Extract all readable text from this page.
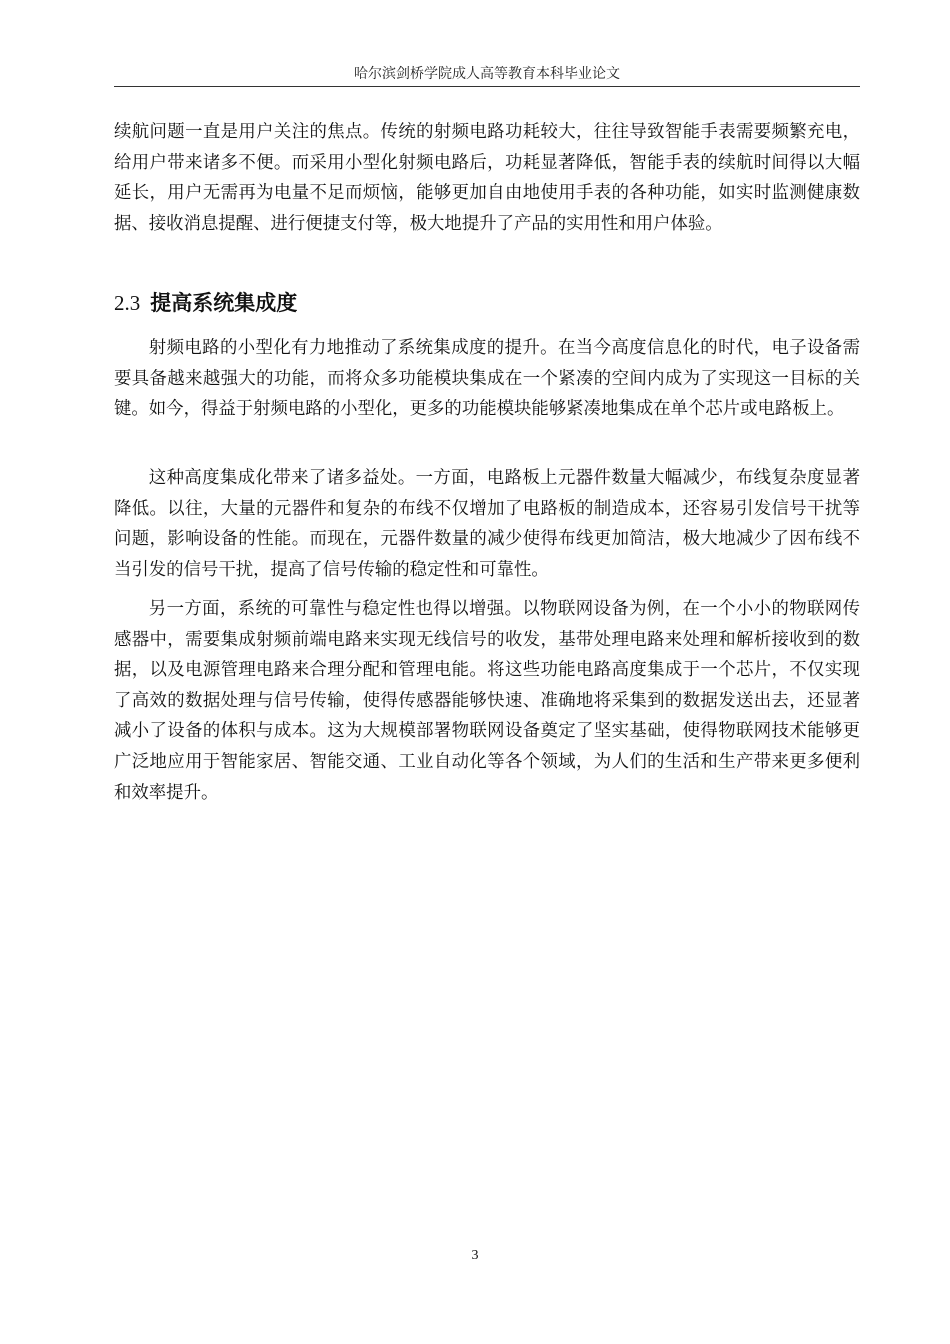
哈尔滨剑桥学院成人高等教育本科毕业论文

续航问题一直是用户关注的焦点。传统的射频电路功耗较大，往往导致智能手表需要频繁充电，给用户带来诸多不便。而采用小型化射频电路后，功耗显著降低，智能手表的续航时间得以大幅延长，用户无需再为电量不足而烦恼，能够更加自由地使用手表的各种功能，如实时监测健康数据、接收消息提醒、进行便捷支付等，极大地提升了产品的实用性和用户体验。

2.3 提高系统集成度

射频电路的小型化有力地推动了系统集成度的提升。在当今高度信息化的时代，电子设备需要具备越来越强大的功能，而将众多功能模块集成在一个紧凑的空间内成为了实现这一目标的关键。如今，得益于射频电路的小型化，更多的功能模块能够紧凑地集成在单个芯片或电路板上。

这种高度集成化带来了诸多益处。一方面，电路板上元器件数量大幅减少，布线复杂度显著降低。以往，大量的元器件和复杂的布线不仅增加了电路板的制造成本，还容易引发信号干扰等问题，影响设备的性能。而现在，元器件数量的减少使得布线更加简洁，极大地减少了因布线不当引发的信号干扰，提高了信号传输的稳定性和可靠性。

另一方面，系统的可靠性与稳定性也得以增强。以物联网设备为例，在一个小小的物联网传感器中，需要集成射频前端电路来实现无线信号的收发，基带处理电路来处理和解析接收到的数据，以及电源管理电路来合理分配和管理电能。将这些功能电路高度集成于一个芯片，不仅实现了高效的数据处理与信号传输，使得传感器能够快速、准确地将采集到的数据发送出去，还显著减小了设备的体积与成本。这为大规模部署物联网设备奠定了坚实基础，使得物联网技术能够更广泛地应用于智能家居、智能交通、工业自动化等各个领域，为人们的生活和生产带来更多便利和效率提升。

3
